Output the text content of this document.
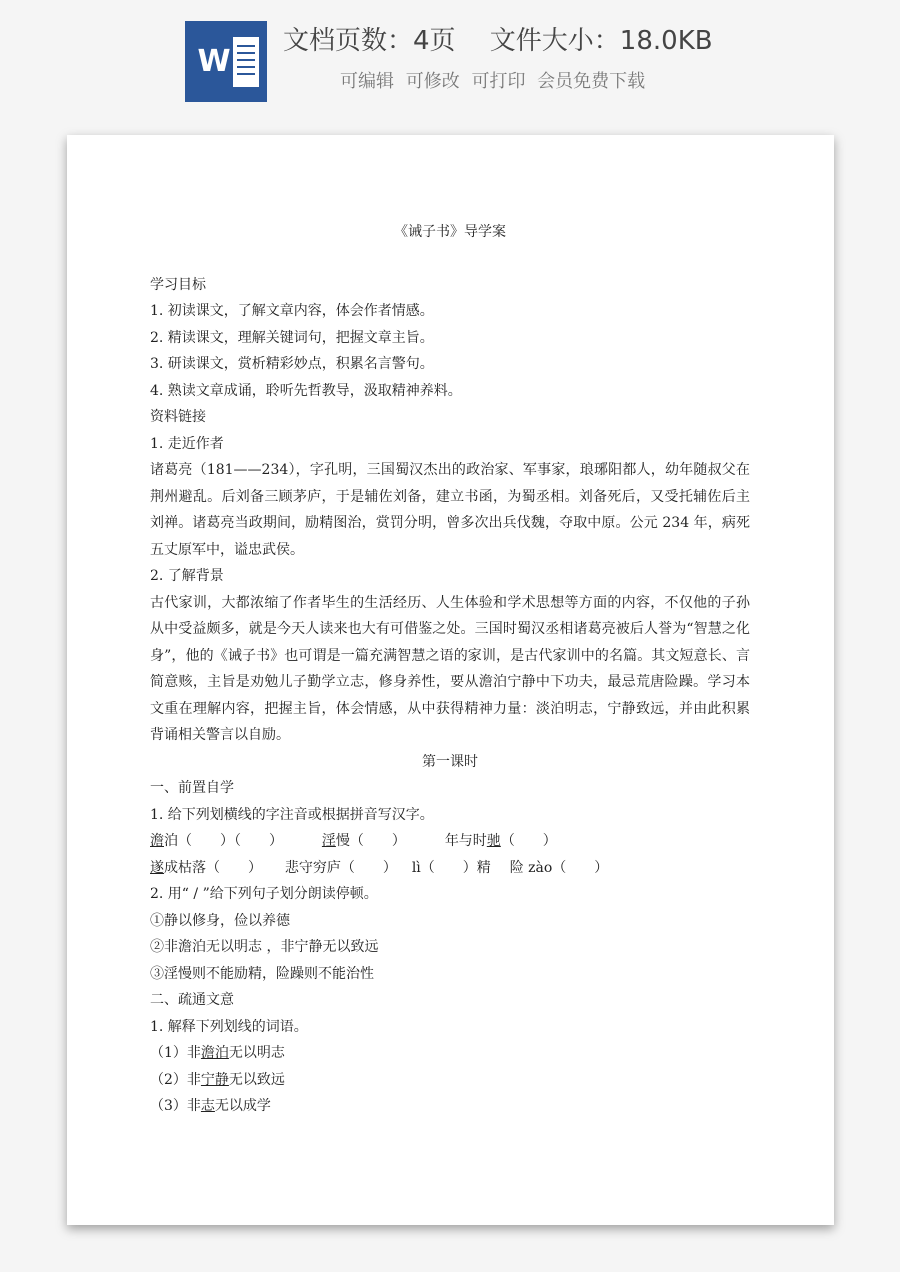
W
文档页数：4页　 文件大小：18.0KB
可编辑 可修改 可打印 会员免费下载

《诫子书》导学案

学习目标

1. 初读课文，了解文章内容，体会作者情感。

2. 精读课文，理解关键词句，把握文章主旨。

3. 研读课文，赏析精彩妙点，积累名言警句。

4. 熟读文章成诵，聆听先哲教导，汲取精神养料。

资料链接

1. 走近作者

诸葛亮（181——234），字孔明，三国蜀汉杰出的政治家、军事家，琅琊阳都人，幼年随叔父在荆州避乱。后刘备三顾茅庐，于是辅佐刘备，建立书函，为蜀丞相。刘备死后，又受托辅佐后主刘禅。诸葛亮当政期间，励精图治，赏罚分明，曾多次出兵伐魏，夺取中原。公元 234 年，病死五丈原军中，谥忠武侯。

2. 了解背景

古代家训，大都浓缩了作者毕生的生活经历、人生体验和学术思想等方面的内容，不仅他的子孙从中受益颇多，就是今天人读来也大有可借鉴之处。三国时蜀汉丞相诸葛亮被后人誉为“智慧之化身”，他的《诫子书》也可谓是一篇充满智慧之语的家训，是古代家训中的名篇。其文短意长、言简意赅，主旨是劝勉儿子勤学立志，修身养性，要从澹泊宁静中下功夫，最忌荒唐险躁。学习本文重在理解内容，把握主旨，体会情感，从中获得精神力量：淡泊明志，宁静致远，并由此积累背诵相关警言以自励。

第一课时

一、前置自学

1. 给下列划横线的字注音或根据拼音写汉字。

澹泊（　　）（　　）	淫慢（　　）	年与时驰（　　）

遂成枯落（　　） 悲守穷庐（　　） lì（　　）精 险 zào（　　）

2. 用“ / ”给下列句子划分朗读停顿。

①静以修身，俭以养德

②非澹泊无以明志 ，非宁静无以致远

③淫慢则不能励精，险躁则不能治性

二、疏通文意

1. 解释下列划线的词语。

（1）非澹泊无以明志

（2）非宁静无以致远

（3）非志无以成学
